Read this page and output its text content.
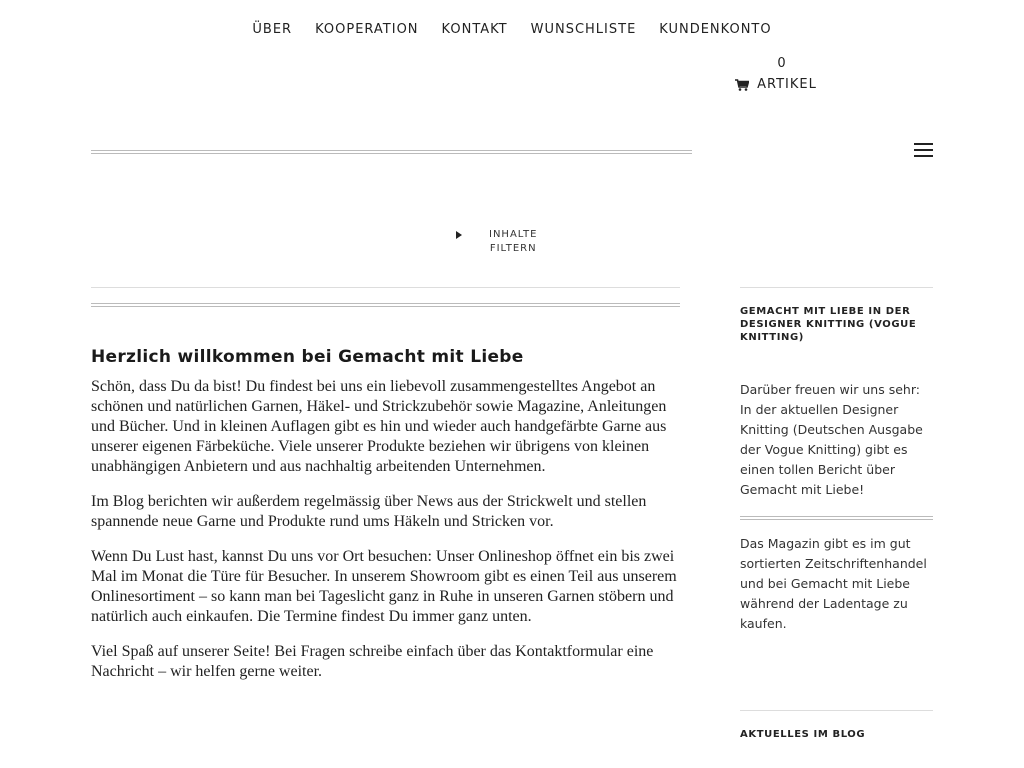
ÜBER KOOPERATION KONTAKT WUNSCHLISTE KUNDENKONTO
0
ARTIKEL
INHALTE
FILTERN
Herzlich willkommen bei Gemacht mit Liebe

Schön, dass Du da bist! Du findest bei uns ein liebevoll zusammengestelltes Angebot an schönen und natürlichen Garnen, Häkel- und Strickzubehör sowie Magazine, Anleitungen und Bücher. Und in kleinen Auflagen gibt es hin und wieder auch handgefärbte Garne aus unserer eigenen Färbeküche. Viele unserer Produkte beziehen wir übrigens von kleinen unabhängigen Anbietern und aus nachhaltig arbeitenden Unternehmen.

Im Blog berichten wir außerdem regelmässig über News aus der Strickwelt und stellen spannende neue Garne und Produkte rund ums Häkeln und Stricken vor.

Wenn Du Lust hast, kannst Du uns vor Ort besuchen: Unser Onlineshop öffnet ein bis zwei Mal im Monat die Türe für Besucher. In unserem Showroom gibt es einen Teil aus unserem Onlinesortiment – so kann man bei Tageslicht ganz in Ruhe in unseren Garnen stöbern und natürlich auch einkaufen. Die Termine findest Du immer ganz unten.

Viel Spaß auf unserer Seite! Bei Fragen schreibe einfach über das Kontaktformular eine Nachricht – wir helfen gerne weiter.

GEMACHT MIT LIEBE IN DER DESIGNER KNITTING (VOGUE KNITTING)

Darüber freuen wir uns sehr: In der aktuellen Designer Knitting (Deutschen Ausgabe der Vogue Knitting) gibt es einen tollen Bericht über Gemacht mit Liebe!

Das Magazin gibt es im gut sortierten Zeitschriftenhandel und bei Gemacht mit Liebe während der Ladentage zu kaufen.

AKTUELLES IM BLOG
